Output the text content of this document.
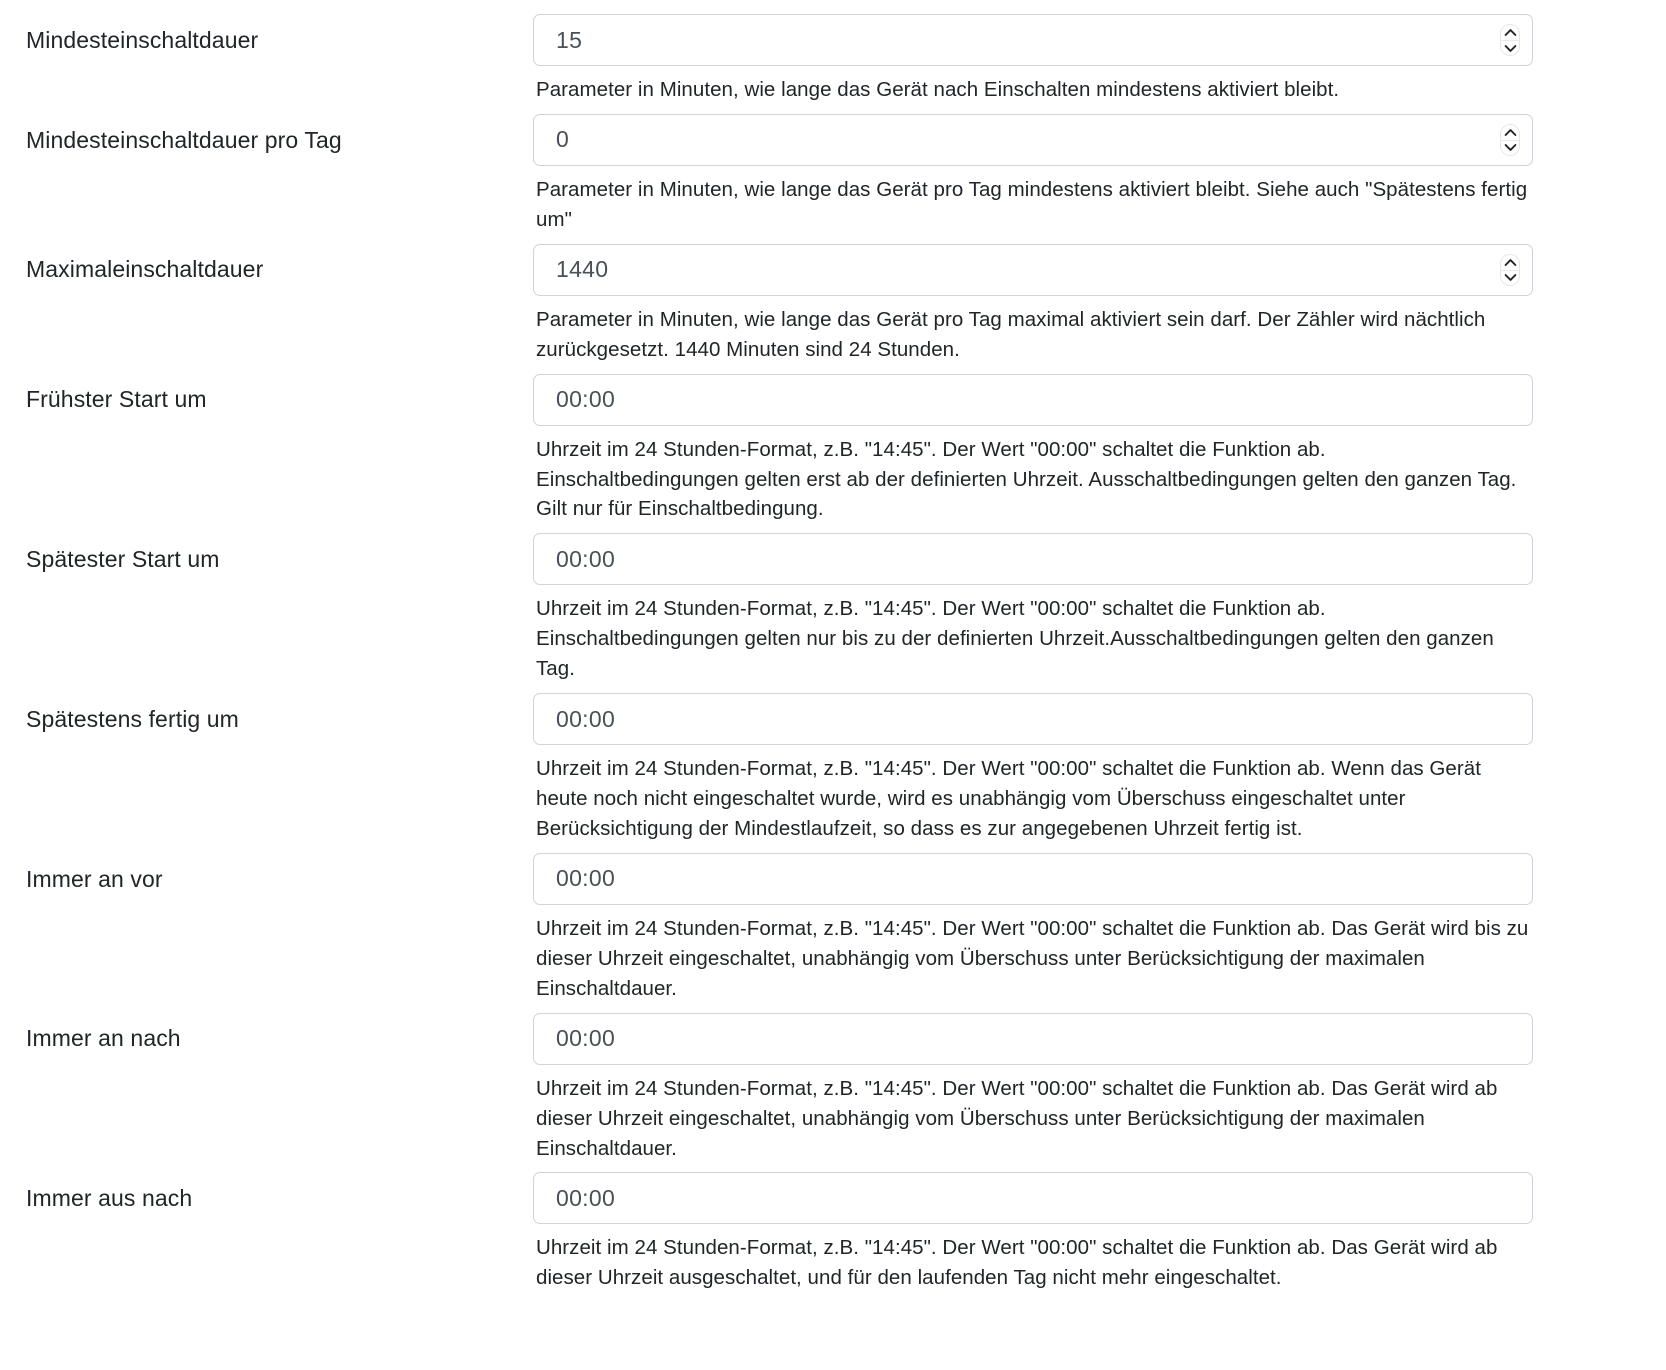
Mindesteinschaltdauer
15
Parameter in Minuten, wie lange das Gerät nach Einschalten mindestens aktiviert bleibt.
Mindesteinschaltdauer pro Tag
0
Parameter in Minuten, wie lange das Gerät pro Tag mindestens aktiviert bleibt. Siehe auch "Spätestens fertig um"
Maximaleinschaltdauer
1440
Parameter in Minuten, wie lange das Gerät pro Tag maximal aktiviert sein darf. Der Zähler wird nächtlich zurückgesetzt. 1440 Minuten sind 24 Stunden.
Frühster Start um
00:00
Uhrzeit im 24 Stunden-Format, z.B. "14:45". Der Wert "00:00" schaltet die Funktion ab. Einschaltbedingungen gelten erst ab der definierten Uhrzeit. Ausschaltbedingungen gelten den ganzen Tag. Gilt nur für Einschaltbedingung.
Spätester Start um
00:00
Uhrzeit im 24 Stunden-Format, z.B. "14:45". Der Wert "00:00" schaltet die Funktion ab. Einschaltbedingungen gelten nur bis zu der definierten Uhrzeit.Ausschaltbedingungen gelten den ganzen Tag.
Spätestens fertig um
00:00
Uhrzeit im 24 Stunden-Format, z.B. "14:45". Der Wert "00:00" schaltet die Funktion ab. Wenn das Gerät heute noch nicht eingeschaltet wurde, wird es unabhängig vom Überschuss eingeschaltet unter Berücksichtigung der Mindestlaufzeit, so dass es zur angegebenen Uhrzeit fertig ist.
Immer an vor
00:00
Uhrzeit im 24 Stunden-Format, z.B. "14:45". Der Wert "00:00" schaltet die Funktion ab. Das Gerät wird bis zu dieser Uhrzeit eingeschaltet, unabhängig vom Überschuss unter Berücksichtigung der maximalen Einschaltdauer.
Immer an nach
00:00
Uhrzeit im 24 Stunden-Format, z.B. "14:45". Der Wert "00:00" schaltet die Funktion ab. Das Gerät wird ab dieser Uhrzeit eingeschaltet, unabhängig vom Überschuss unter Berücksichtigung der maximalen Einschaltdauer.
Immer aus nach
00:00
Uhrzeit im 24 Stunden-Format, z.B. "14:45". Der Wert "00:00" schaltet die Funktion ab. Das Gerät wird ab dieser Uhrzeit ausgeschaltet, und für den laufenden Tag nicht mehr eingeschaltet.
